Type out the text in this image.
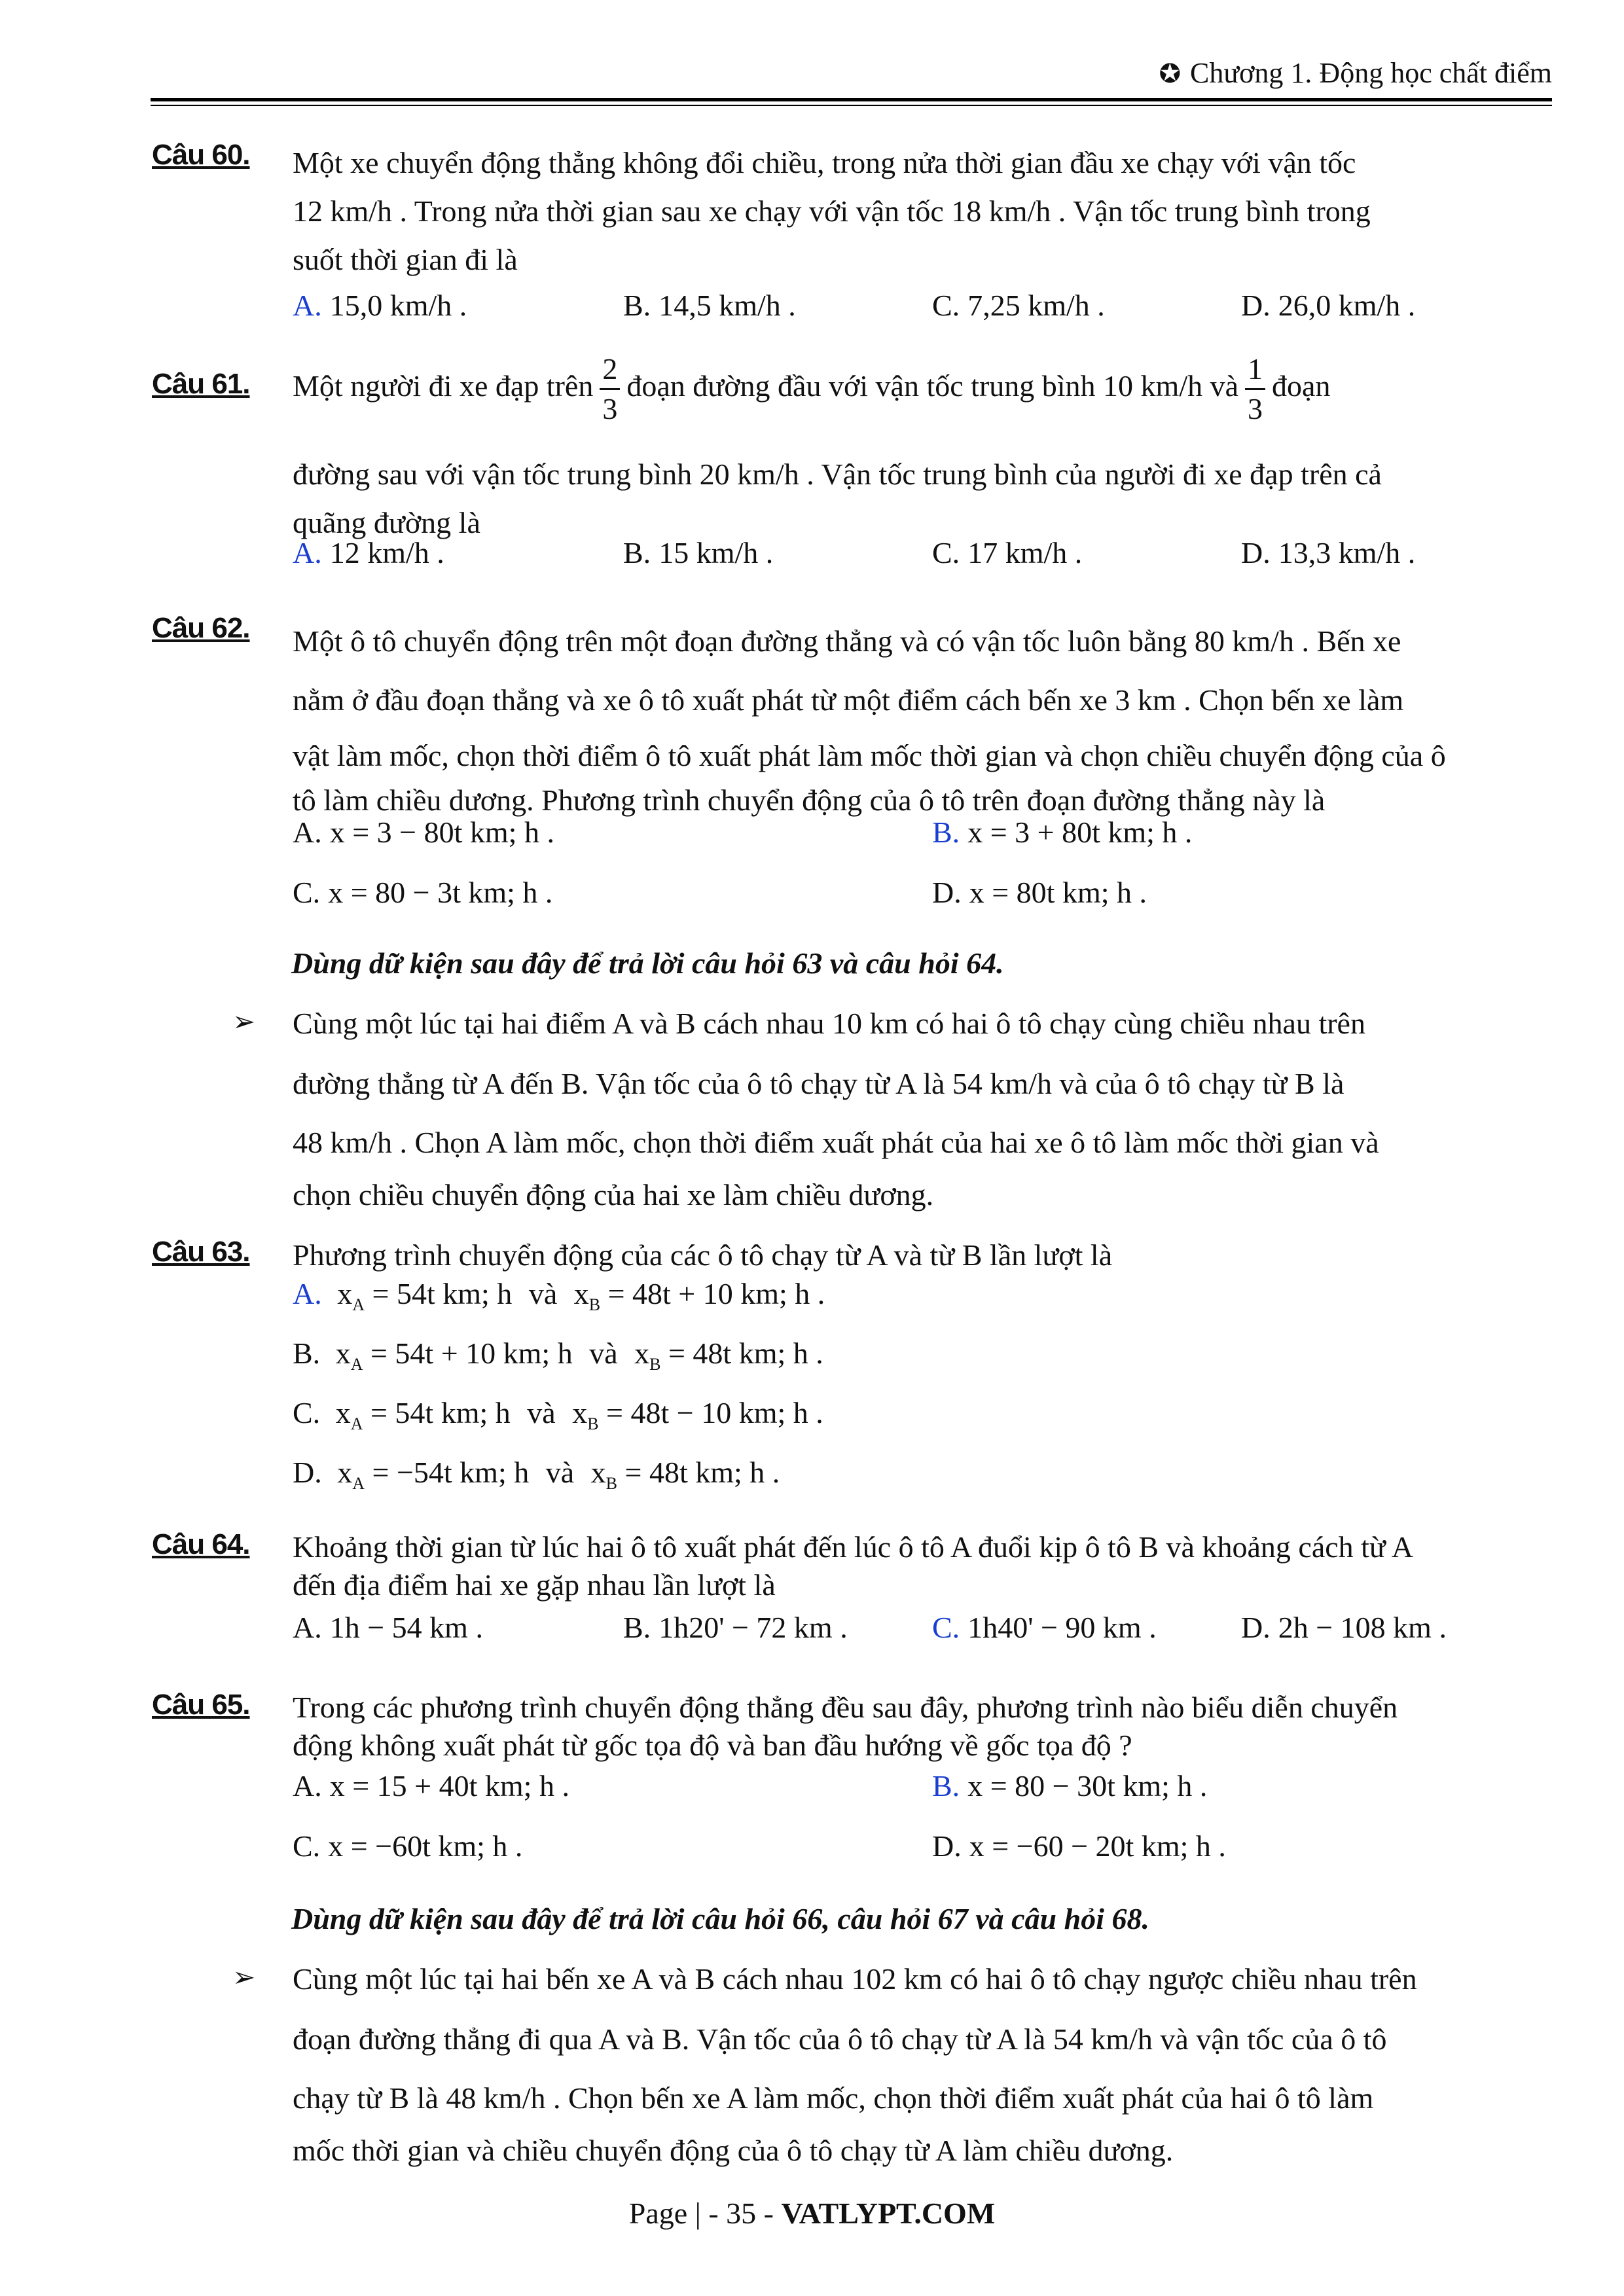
✪ Chương 1. Động học chất điểm
Câu 60. Một xe chuyển động thẳng không đổi chiều, trong nửa thời gian đầu xe chạy với vận tốc
12 km/h . Trong nửa thời gian sau xe chạy với vận tốc 18 km/h . Vận tốc trung bình trong
suốt thời gian đi là
A. 15,0 km/h .	B. 14,5 km/h .	C. 7,25 km/h .	D. 26,0 km/h .
Câu 61. Một người đi xe đạp trên $\frac{2}{3}$ đoạn đường đầu với vận tốc trung bình 10 km/h và $\frac{1}{3}$ đoạn
đường sau với vận tốc trung bình 20 km/h . Vận tốc trung bình của người đi xe đạp trên cả
quãng đường là
A. 12 km/h .	B. 15 km/h .	C. 17 km/h .	D. 13,3 km/h .
Câu 62. Một ô tô chuyển động trên một đoạn đường thẳng và có vận tốc luôn bằng 80 km/h . Bến xe
nằm ở đầu đoạn thẳng và xe ô tô xuất phát từ một điểm cách bến xe 3 km . Chọn bến xe làm
vật làm mốc, chọn thời điểm ô tô xuất phát làm mốc thời gian và chọn chiều chuyển động của ô
tô làm chiều dương. Phương trình chuyển động của ô tô trên đoạn đường thẳng này là
A. x = 3 − 80t km; h .	B. x = 3 + 80t km; h .
C. x = 80 − 3t km; h .	D. x = 80t km; h .
Dùng dữ kiện sau đây để trả lời câu hỏi 63 và câu hỏi 64.
➢ Cùng một lúc tại hai điểm A và B cách nhau 10 km có hai ô tô chạy cùng chiều nhau trên
đường thẳng từ A đến B. Vận tốc của ô tô chạy từ A là 54 km/h và của ô tô chạy từ B là
48 km/h . Chọn A làm mốc, chọn thời điểm xuất phát của hai xe ô tô làm mốc thời gian và
chọn chiều chuyển động của hai xe làm chiều dương.
Câu 63. Phương trình chuyển động của các ô tô chạy từ A và từ B lần lượt là
A. $x_A = 54t$ km; h và $x_B = 48t + 10$ km; h .
B. $x_A = 54t + 10$ km; h và $x_B = 48t$ km; h .
C. $x_A = 54t$ km; h và $x_B = 48t - 10$ km; h .
D. $x_A = -54t$ km; h và $x_B = 48t$ km; h .
Câu 64. Khoảng thời gian từ lúc hai ô tô xuất phát đến lúc ô tô A đuổi kịp ô tô B và khoảng cách từ A
đến địa điểm hai xe gặp nhau lần lượt là
A. 1h − 54 km .	B. 1h20' − 72 km .	C. 1h40' − 90 km .	D. 2h − 108 km .
Câu 65. Trong các phương trình chuyển động thẳng đều sau đây, phương trình nào biểu diễn chuyển
động không xuất phát từ gốc tọa độ và ban đầu hướng về gốc tọa độ ?
A. x = 15 + 40t km; h .	B. x = 80 − 30t km; h .
C. x = −60t km; h .	D. x = −60 − 20t km; h .
Dùng dữ kiện sau đây để trả lời câu hỏi 66, câu hỏi 67 và câu hỏi 68.
➢ Cùng một lúc tại hai bến xe A và B cách nhau 102 km có hai ô tô chạy ngược chiều nhau trên
đoạn đường thẳng đi qua A và B. Vận tốc của ô tô chạy từ A là 54 km/h và vận tốc của ô tô
chạy từ B là 48 km/h . Chọn bến xe A làm mốc, chọn thời điểm xuất phát của hai ô tô làm
mốc thời gian và chiều chuyển động của ô tô chạy từ A làm chiều dương.
Page | - 35 - VATLYPT.COM
